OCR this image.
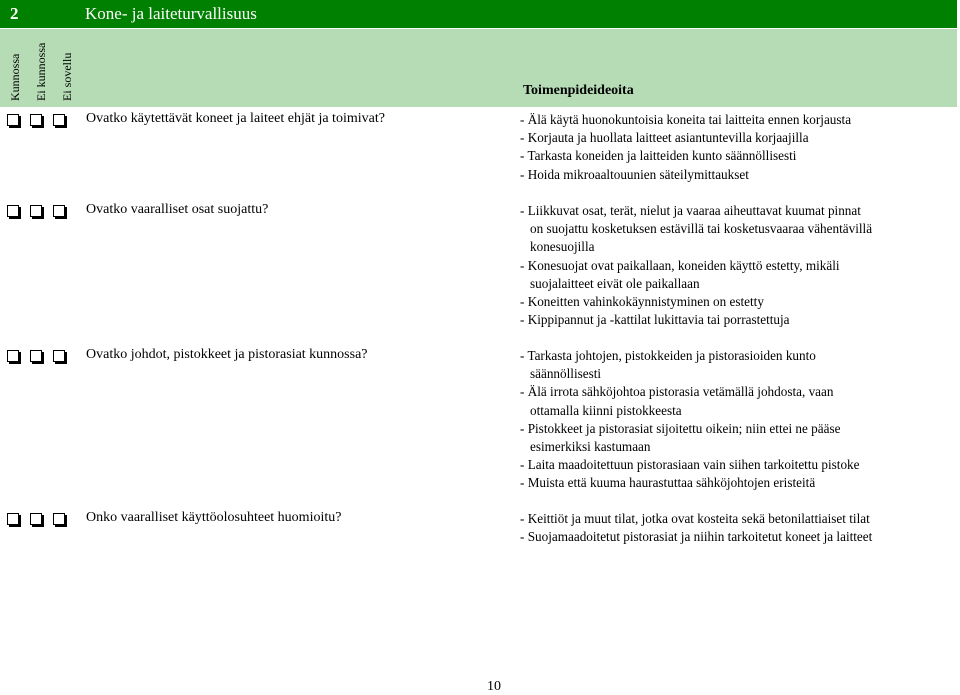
2	Kone- ja laiteturvallisuus
Kunnossa Ei kunnossa Ei sovellu	Toimenpideideoita
Ovatko käytettävät koneet ja laiteet ehjät ja toimivat?	- Älä käytä huonokuntoisia koneita tai laitteita ennen korjausta
- Korjauta ja huollata laitteet asiantuntevilla korjaajilla
- Tarkasta koneiden ja laitteiden kunto säännöllisesti
- Hoida mikroaaltouunien säteilymittaukset
Ovatko vaaralliset osat suojattu?	- Liikkuvat osat, terät, nielut ja vaaraa aiheuttavat kuumat pinnat
on suojattu kosketuksen estävillä tai kosketusvaaraa vähentävillä
konesuojilla
- Konesuojat ovat paikallaan, koneiden käyttö estetty, mikäli
suojalaitteet eivät ole paikallaan
- Koneitten vahinkokäynnistyminen on estetty
- Kippipannut ja -kattilat lukittavia tai porrastettuja
Ovatko johdot, pistokkeet ja pistorasiat kunnossa?	- Tarkasta johtojen, pistokkeiden ja pistorasioiden kunto
säännöllisesti
- Älä irrota sähköjohtoa pistorasia vetämällä johdosta, vaan
ottamalla kiinni pistokkeesta
- Pistokkeet ja pistorasiat sijoitettu oikein; niin ettei ne pääse
esimerkiksi kastumaan
- Laita maadoitettuun pistorasiaan vain siihen tarkoitettu pistoke
- Muista että kuuma haurastuttaa sähköjohtojen eristeitä
Onko vaaralliset käyttöolosuhteet huomioitu?	- Keittiöt ja muut tilat, jotka ovat kosteita sekä betonilattiaiset tilat
- Suojamaadoitetut pistorasiat ja niihin tarkoitetut koneet ja laitteet
10
